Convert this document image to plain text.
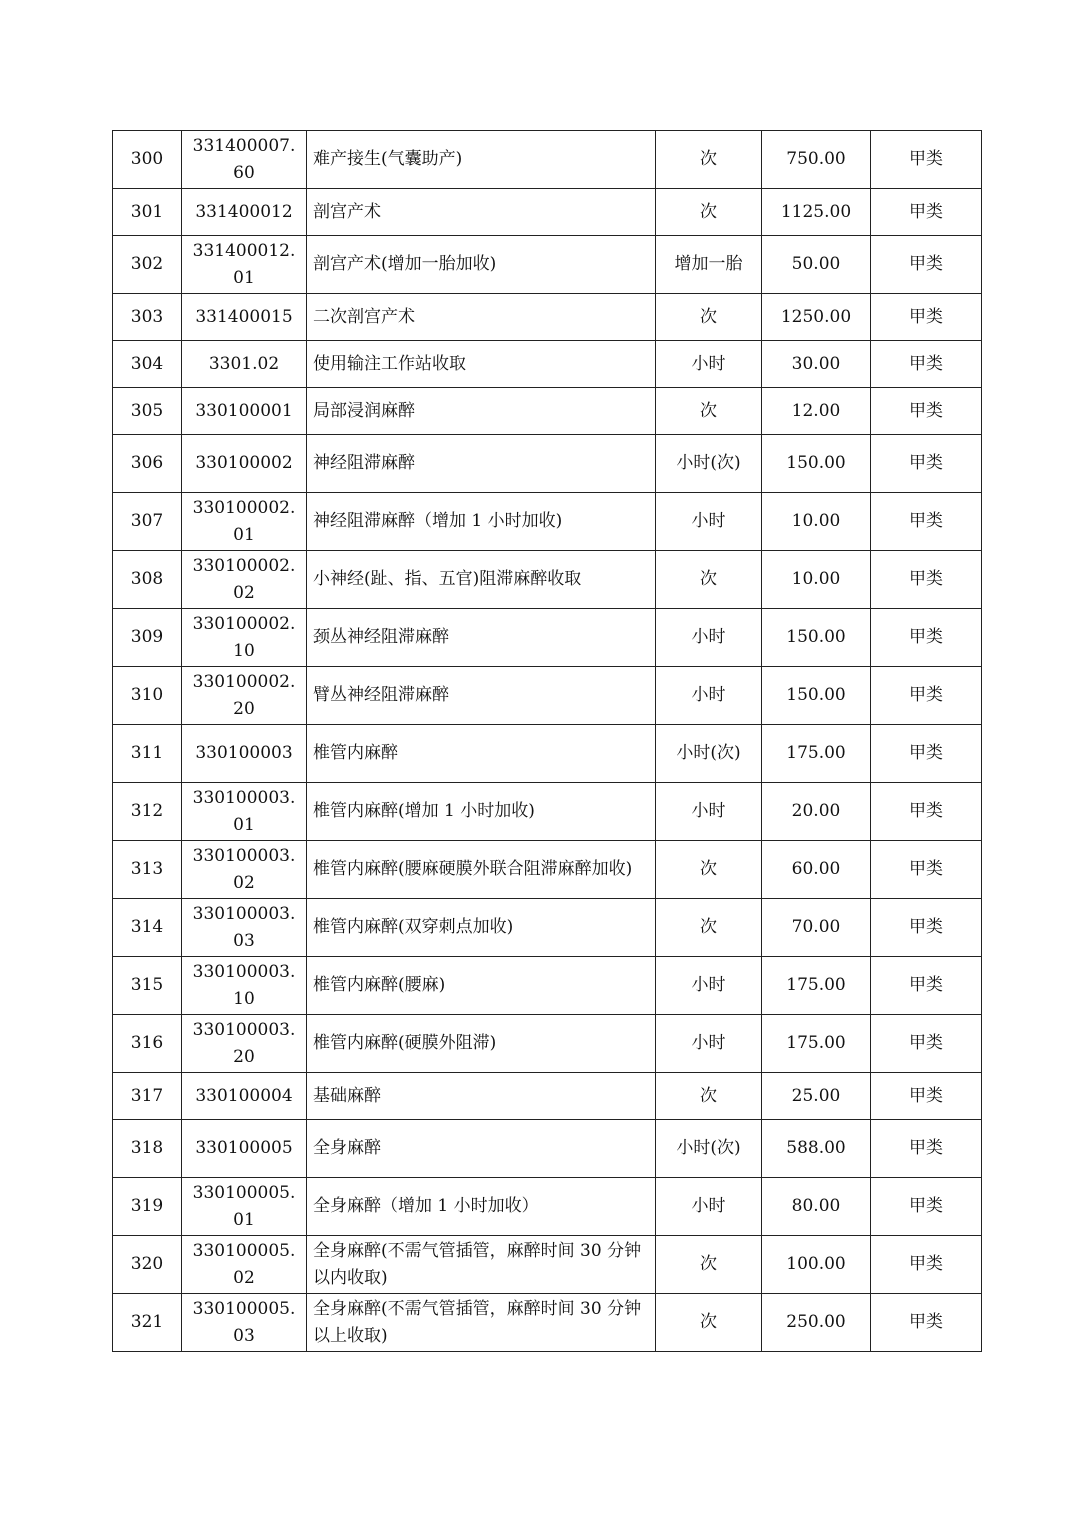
300	331400007.60	难产接生(气囊助产)	次	750.00	甲类
301	331400012	剖宫产术	次	1125.00	甲类
302	331400012.01	剖宫产术(增加一胎加收)	增加一胎	50.00	甲类
303	331400015	二次剖宫产术	次	1250.00	甲类
304	3301.02	使用输注工作站收取	小时	30.00	甲类
305	330100001	局部浸润麻醉	次	12.00	甲类
306	330100002	神经阻滞麻醉	小时(次)	150.00	甲类
307	330100002.01	神经阻滞麻醉（增加 1 小时加收)	小时	10.00	甲类
308	330100002.02	小神经(趾、指、五官)阻滞麻醉收取	次	10.00	甲类
309	330100002.10	颈丛神经阻滞麻醉	小时	150.00	甲类
310	330100002.20	臂丛神经阻滞麻醉	小时	150.00	甲类
311	330100003	椎管内麻醉	小时(次)	175.00	甲类
312	330100003.01	椎管内麻醉(增加 1 小时加收)	小时	20.00	甲类
313	330100003.02	椎管内麻醉(腰麻硬膜外联合阻滞麻醉加收)	次	60.00	甲类
314	330100003.03	椎管内麻醉(双穿刺点加收)	次	70.00	甲类
315	330100003.10	椎管内麻醉(腰麻)	小时	175.00	甲类
316	330100003.20	椎管内麻醉(硬膜外阻滞)	小时	175.00	甲类
317	330100004	基础麻醉	次	25.00	甲类
318	330100005	全身麻醉	小时(次)	588.00	甲类
319	330100005.01	全身麻醉（增加 1 小时加收）	小时	80.00	甲类
320	330100005.02	全身麻醉(不需气管插管，麻醉时间 30 分钟以内收取)	次	100.00	甲类
321	330100005.03	全身麻醉(不需气管插管，麻醉时间 30 分钟以上收取)	次	250.00	甲类
